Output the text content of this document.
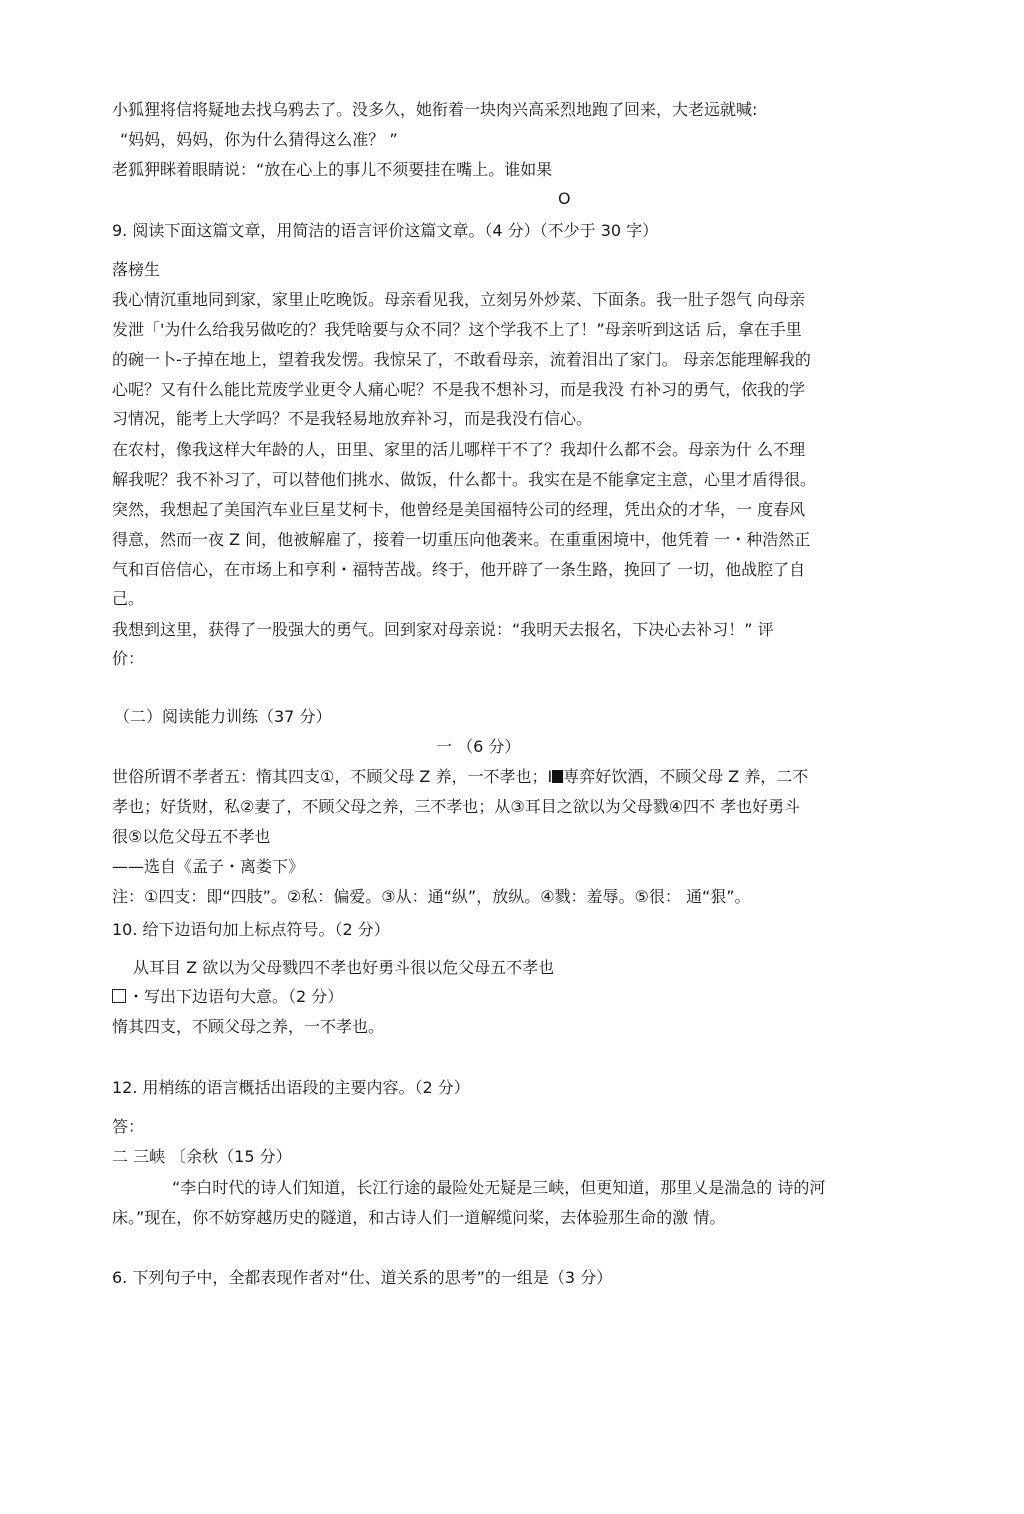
小狐狸将信将疑地去找乌鸦去了。没多久，她衔着一块肉兴高采烈地跑了回来，大老远就喊:
“妈妈，妈妈，你为什么猜得这么准？ ”
老狐狎眯着眼睛说：“放在心上的事儿不须要挂在嘴上。谁如果
O
9. 阅读下面这篇文章，用简洁的语言评价这篇文章。（4 分）（不少于 30 字）
落榜生
我心情沉重地同到家，家里止吃晚饭。母亲看见我，立刻另外炒菜、下面条。我一肚子怨气 向母亲
发泄「'为什么给我另做吃的？我凭啥要与众不同？这个学我不上了！”母亲听到这话 后，拿在手里
的碗一卜-子掉在地上，望着我发愣。我惊呆了，不敢看母亲，流着泪出了家门。 母亲怎能理解我的
心呢？又有什么能比荒废学业更令人痛心呢？不是我不想补习，而是我没 冇补习的勇气，依我的学
习情况，能考上大学吗？不是我轻易地放弃补习，而是我没冇信心。
在农村，像我这样大年龄的人，田里、家里的活儿哪样干不了？我却什么都不会。母亲为什 么不理
解我呢？我不补习了，可以替他们挑水、做饭，什么都十。我实在是不能拿定主意，心里才盾得很。
突然，我想起了美国汽车业巨星艾柯卡，他曾经是美国福特公司的经理，凭出众的才华，一 度春风
得意，然而一夜 Z 间，他被解雇了，接着一切重压向他袭来。在重重困境中，他凭着 一・种浩然正
气和百倍信心，在市场上和亨利・福特苦战。终于，他开辟了一条生路，挽回了 一切，他战腔了自
己。
我想到这里，获得了一股强大的勇气。回到家对母亲说：“我明天去报名，下决心去补习！” 评
价：
（二）阅读能力训练（37 分）
一 （6 分）
世俗所谓不孝者五：惰其四支①，不顾父母 Z 养，一不孝也；I 専弈好饮酒，不顾父母 Z 养，二不
孝也；好货财，私②妻了，不顾父母之养，三不孝也；从③耳目之欲以为父母戮④四不 孝也好勇斗
很⑤以危父母五不孝也
——选自《孟子・离娄下》
注：①四支：即“四肢”。②私：偏爱。③从：通“纵”，放纵。④戮：羞辱。⑤很： 通“狠”。
10. 给下边语句加上标点符号。（2 分）
从耳目 Z 欲以为父母戮四不孝也好勇斗很以危父母五不孝也
・写出下边语句大意。（2 分）
惰其四支，不顾父母之养，一不孝也。
12. 用梢练的语言概括出语段的主要内容。（2 分）
答：
二 三峡 〔余秋（15 分）
“李白时代的诗人们知道，长江行途的最险处无疑是三峡，但更知道，那里乂是湍急的 诗的河
床。”现在，你不妨穿越历史的隧道，和古诗人们一道解缆问桨，去体验那生命的激 情。
6. 下列句子中，全都表现作者对“仕、道关系的思考”的一组是（3 分）
